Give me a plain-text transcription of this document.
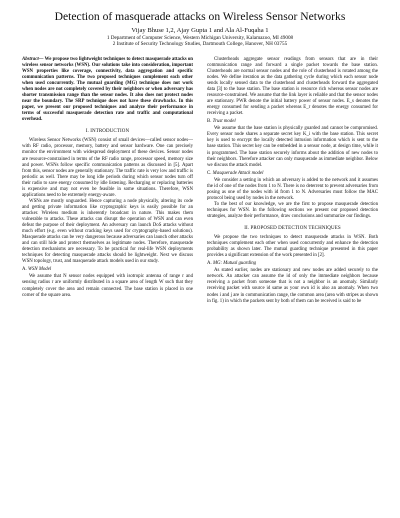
Detection of masquerade attacks on Wireless Sensor Networks
Vijay Bhuse 1,2, Ajay Gupta 1 and Ala Al-Fuqaha 1
1 Department of Computer Science, Western Michigan University, Kalamazoo, MI 49008
2 Institute of Security Technology Studies, Dartmouth College, Hanover, NH 03755

Abstract— We propose two lightweight techniques to detect masquerade attacks on wireless sensor networks (WSN). Our solutions take into consideration, important WSN properties like coverage, connectivity, data aggregation and specific communication patterns. The two proposed techniques complement each other when used concurrently. The mutual guarding (MG) technique does not work when nodes are not completely covered by their neighbors or when adversary has shorter transmission range than the sensor nodes. It also does not protect nodes near the boundary. The SRP technique does not have these drawbacks. In this paper, we present our proposed techniques and analyze their performance in terms of successful masquerade detection rate and traffic and computational overhead.

I. INTRODUCTION

Wireless Sensor Networks (WSN) consist of small devices—called sensor nodes—with RF radio, processor, memory, battery and sensor hardware. One can precisely monitor the environment with widespread deployment of these devices. Sensor nodes are resource-constrained in terms of the RF radio range, processor speed, memory size and power. WSNs follow specific communication patterns as discussed in [5]. Apart from this, sensor nodes are generally stationary. The traffic rate is very low and traffic is periodic as well. There may be long idle periods during which sensor nodes turn off their radio to save energy consumed by idle listening. Recharging or replacing batteries is expensive and may not even be feasible in some situations. Therefore, WSN applications need to be extremely energy-aware.

WSNs are mostly unguarded. Hence capturing a node physically, altering its code and getting private information like cryptographic keys is easily possible for an attacker. Wireless medium is inherently broadcast in nature. This makes them vulnerable to attacks. These attacks can disrupt the operation of WSN and can even defeat the purpose of their deployment. An adversary can launch DoS attacks without much effort (e.g. even without cracking keys used for cryptography-based solutions). Masquerade attacks can be very dangerous because adversaries can launch other attacks and can still hide and protect themselves as legitimate nodes. Therefore, masquerade detection mechanisms are necessary. To be practical for real-life WSN deployments techniques for detecting masquerade attacks should be lightweight. Next we discuss WSN topology, trust, and masquerade attack models used in our study.

A. WSN Model

We assume that N sensor nodes equipped with isotropic antenna of range r and sensing radius r are uniformly distributed in a square area of length W such that they completely cover the area and remain connected. The base station is placed in one corner of the square area.

Clusterheads aggregate sensor readings from sensors that are in their communication range and forward a single packet towards the base station. Clusterheads are normal sensor nodes and the role of clusterhead is rotated among the nodes. We define iteration as the data gathering cycle during which each sensor node sends locally sensed data to the clusterhead and clusterheads forward the aggregated data [3] to the base station. The base station is resource rich whereas sensor nodes are resource-constrained. We assume that the link layer is reliable and that the sensor nodes are stationary. PWR denote the initial battery power of sensor nodes. E_s denotes the energy consumed for sending a packet whereas E_r denotes the energy consumed for receiving a packet.

B. Trust model

We assume that the base station is physically guarded and cannot be compromised. Every sensor node shares a separate secret key K_i with the base station. This secret key is used to encrypt the locally detected intrusion information which is sent to the base station. This secret key can be embedded in a sensor node, at design time, while it is programmed. The base station securely informs about the addition of new nodes to their neighbors. Therefore attacker can only masquerade as immediate neighbor. Below we discuss the attack model.

C. Masquerade Attack model

We consider a setting in which an adversary is added to the network and it assumes the id of one of the nodes from 1 to N. There is no deterrent to prevent adversaries from posing as one of the nodes with id from 1 to N. Adversaries must follow the MAC protocol being used by nodes in the network.

To the best of our knowledge, we are the first to propose masquerade detection techniques for WSN. In the following sections we present our proposed detection strategies, analyze their performance, draw conclusions and summarize our findings.

II. PROPOSED DETECTION TECHNIQUES

We propose the two techniques to detect masquerade attacks in WSN. Both techniques complement each other when used concurrently and enhance the detection probability as shown later. The mutual guarding technique presented in this paper provides a significant extension of the work presented in [2].

A. MG: Mutual guarding

As stated earlier, nodes are stationary and new nodes are added securely to the network. An attacker can assume the id of only the immediate neighbors because receiving a packet from someone that is not a neighbor is an anomaly. Similarly receiving packet with source id same as your own id is also an anomaly. When two nodes i and j are in communication range, the common area (area with stripes as shown in fig. 1) in which the packets sent by both of them can be received is said to be
